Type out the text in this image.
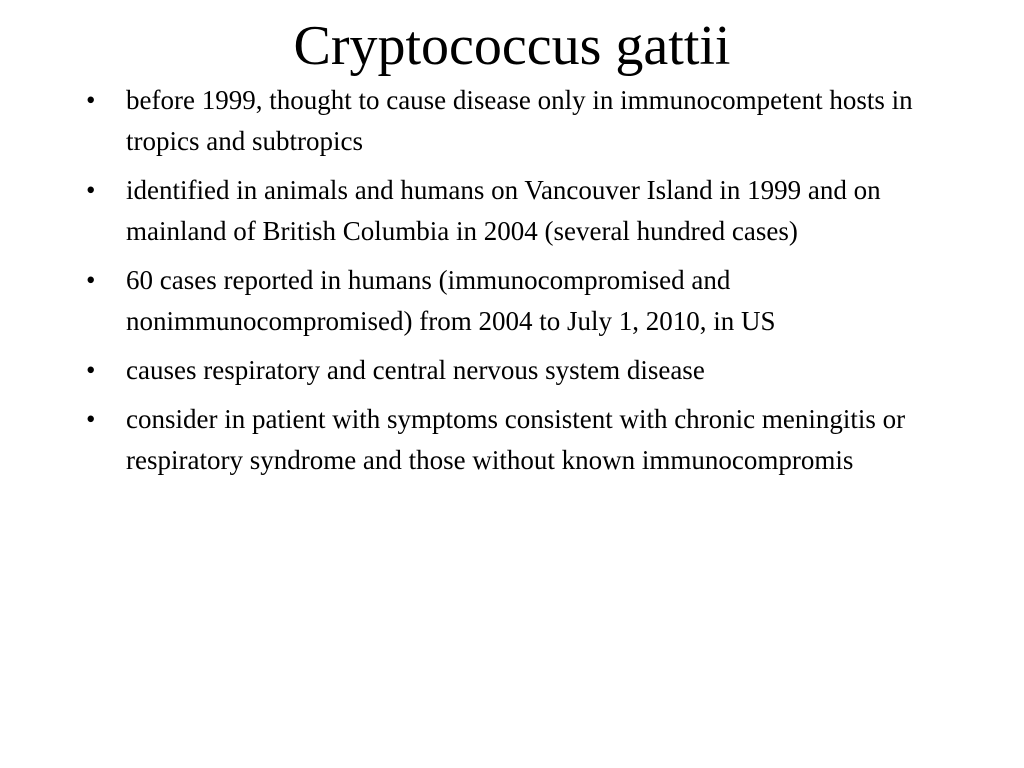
Cryptococcus gattii
•	before 1999, thought to cause disease only in immunocompetent hosts in tropics and subtropics
•	identified in animals and humans on Vancouver Island in 1999 and on mainland of British Columbia in 2004 (several hundred cases)
•	60 cases reported in humans (immunocompromised and nonimmunocompromised) from 2004 to July 1, 2010, in US
•	causes respiratory and central nervous system disease
•	consider in patient with symptoms consistent with chronic meningitis or respiratory syndrome and those without known immunocompromis
